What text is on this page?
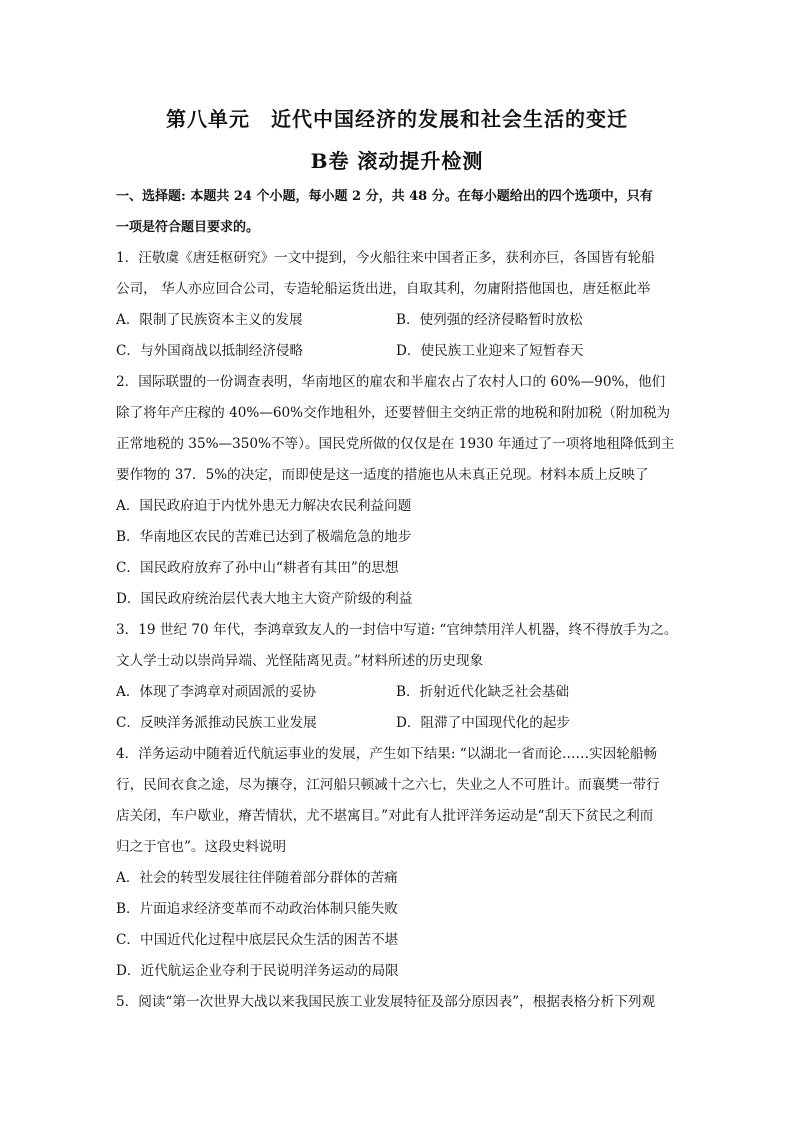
第八单元　近代中国经济的发展和社会生活的变迁
B卷 滚动提升检测
一、选择题: 本题共 24 个小题，每小题 2 分，共 48 分。在每小题给出的四个选项中，只有
一项是符合题目要求的。
1．汪敬虞《唐廷枢研究》一文中提到，今火船往来中国者正多，获利亦巨，各国皆有轮船
公司， 华人亦应回合公司，专造轮船运货出进，自取其利，勿庸附搭他国也，唐廷枢此举
A．限制了民族资本主义的发展	B．使列强的经济侵略暂时放松
C．与外国商战以抵制经济侵略	D．使民族工业迎来了短暂春天
2．国际联盟的一份调查表明，华南地区的雇农和半雇农占了农村人口的 60%—90%，他们
除了将年产庄稼的 40%—60%交作地租外，还要替佃主交纳正常的地税和附加税（附加税为
正常地税的 35%—350%不等）。国民党所做的仅仅是在 1930 年通过了一项将地租降低到主
要作物的 37．5%的决定，而即使是这一适度的措施也从未真正兑现。材料本质上反映了
A．国民政府迫于内忧外患无力解决农民利益问题
B．华南地区农民的苦难已达到了极端危急的地步
C．国民政府放弃了孙中山“耕者有其田”的思想
D．国民政府统治层代表大地主大资产阶级的利益
3．19 世纪 70 年代，李鸿章致友人的一封信中写道: “官绅禁用洋人机器，终不得放手为之。
文人学士动以崇尚异端、光怪陆离见责。”材料所述的历史现象
A．体现了李鸿章对顽固派的妥协	B．折射近代化缺乏社会基础
C．反映洋务派推动民族工业发展	D．阻滞了中国现代化的起步
4．洋务运动中随着近代航运事业的发展，产生如下结果: “以湖北一省而论……实因轮船畅
行，民间衣食之途，尽为攘夺，江河船只顿减十之六七，失业之人不可胜计。而襄樊一带行
店关闭，车户歇业，瘠苦情状，尤不堪寓目。”对此有人批评洋务运动是“刮天下贫民之利而
归之于官也”。这段史料说明
A．社会的转型发展往往伴随着部分群体的苦痛
B．片面追求经济变革而不动政治体制只能失败
C．中国近代化过程中底层民众生活的困苦不堪
D．近代航运企业夺利于民说明洋务运动的局限
5．阅读“第一次世界大战以来我国民族工业发展特征及部分原因表”，根据表格分析下列观
